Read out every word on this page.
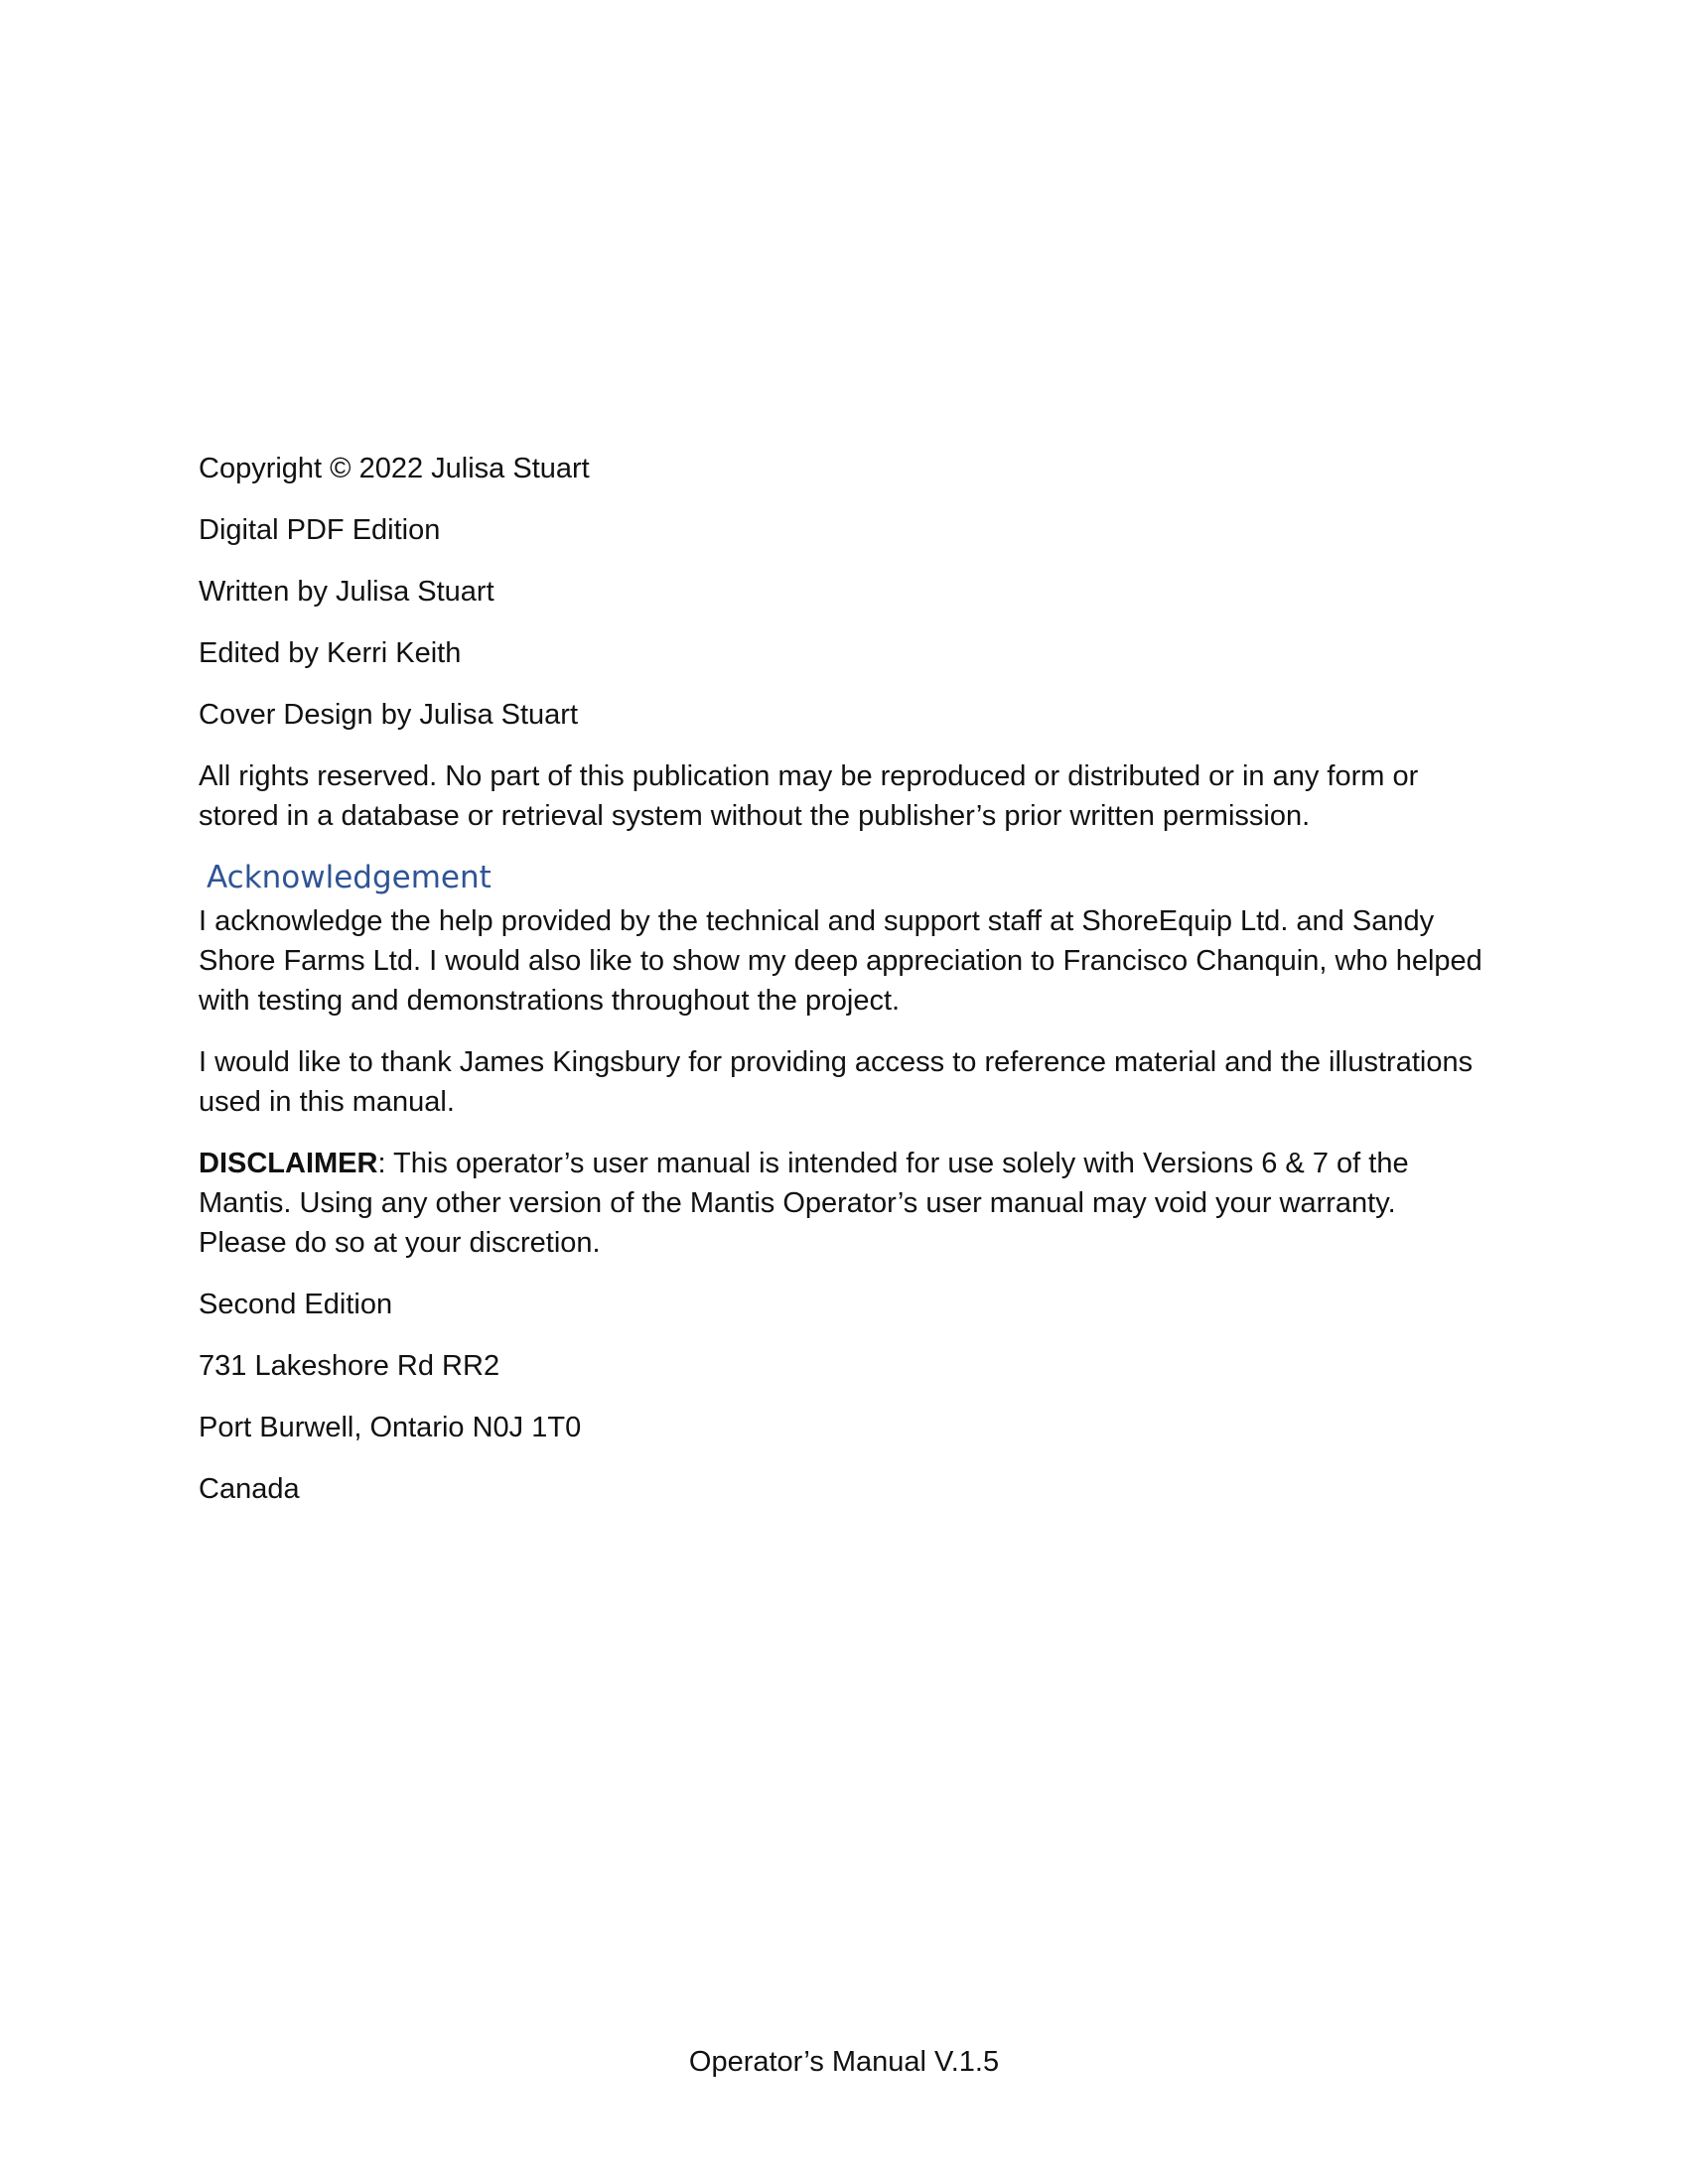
Copyright © 2022 Julisa Stuart

Digital PDF Edition

Written by Julisa Stuart

Edited by Kerri Keith

Cover Design by Julisa Stuart

All rights reserved. No part of this publication may be reproduced or distributed or in any form or stored in a database or retrieval system without the publisher’s prior written permission.

Acknowledgement

I acknowledge the help provided by the technical and support staff at ShoreEquip Ltd. and Sandy Shore Farms Ltd. I would also like to show my deep appreciation to Francisco Chanquin, who helped with testing and demonstrations throughout the project.

I would like to thank James Kingsbury for providing access to reference material and the illustrations used in this manual.

DISCLAIMER: This operator’s user manual is intended for use solely with Versions 6 & 7 of the Mantis. Using any other version of the Mantis Operator’s user manual may void your warranty. Please do so at your discretion.

Second Edition

731 Lakeshore Rd RR2

Port Burwell, Ontario N0J 1T0

Canada

Operator’s Manual V.1.5
